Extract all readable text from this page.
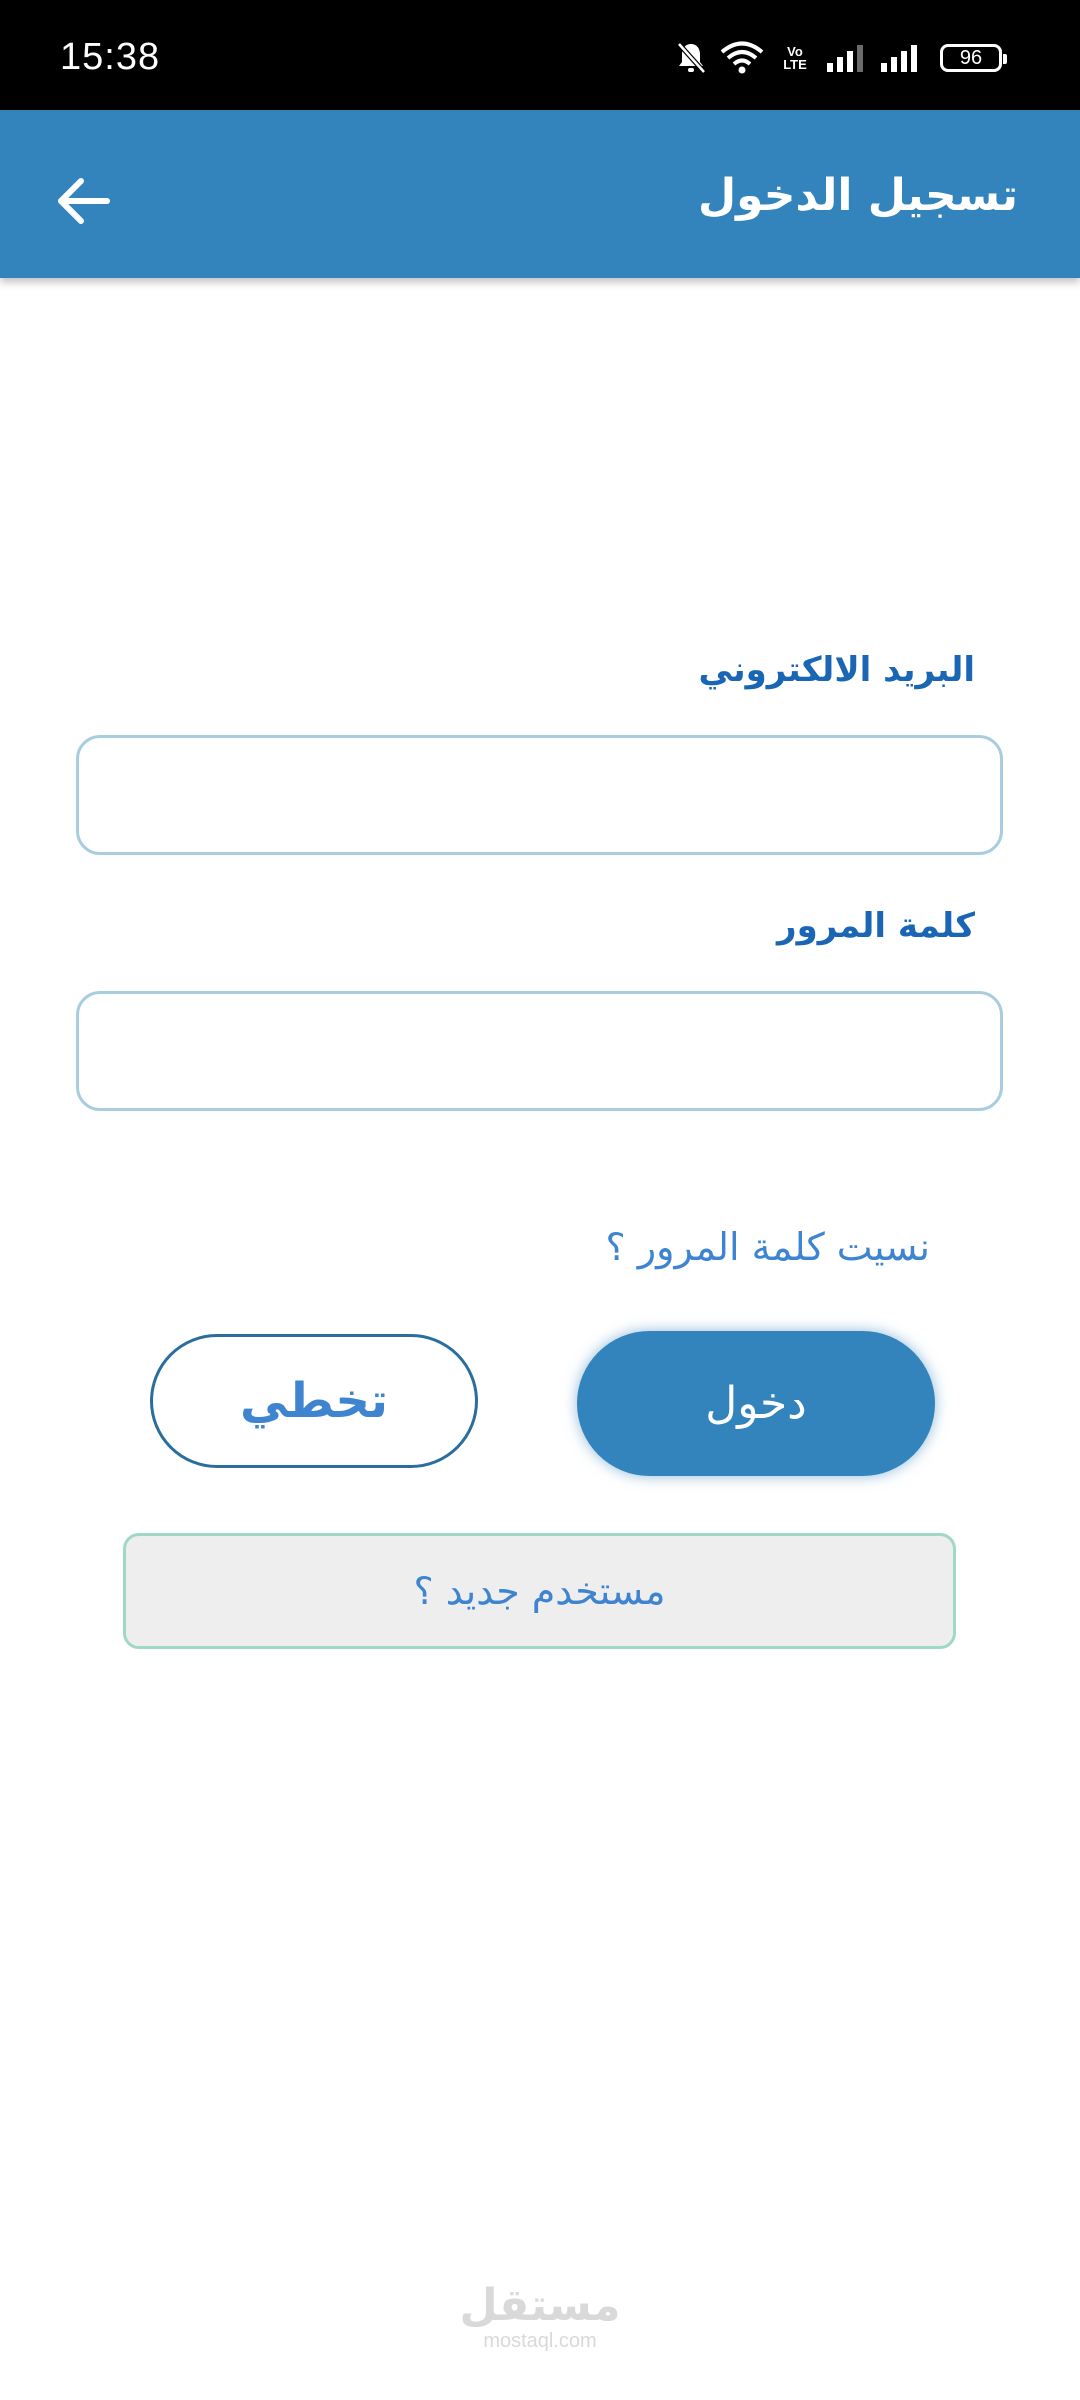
15:38	Vo
LTE	96
تسجيل الدخول
البريد الالكتروني
كلمة المرور
نسيت كلمة المرور ؟
دخول
تخطي
مستخدم جديد ؟
مستقل
mostaql.com
